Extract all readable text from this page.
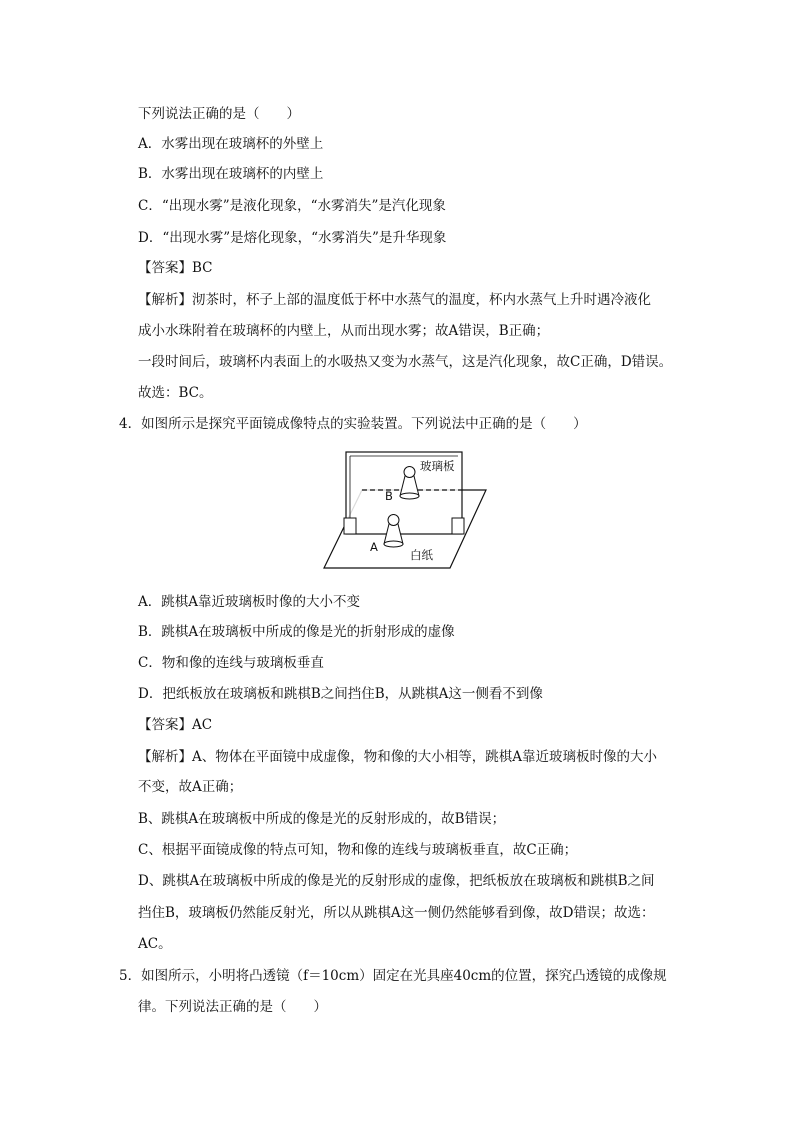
下列说法正确的是（　　）
A．水雾出现在玻璃杯的外壁上
B．水雾出现在玻璃杯的内壁上
C．“出现水雾”是液化现象，“水雾消失”是汽化现象
D．“出现水雾”是熔化现象，“水雾消失”是升华现象
【答案】BC
【解析】沏茶时，杯子上部的温度低于杯中水蒸气的温度，杯内水蒸气上升时遇冷液化
成小水珠附着在玻璃杯的内壁上，从而出现水雾；故A错误，B正确；
一段时间后，玻璃杯内表面上的水吸热又变为水蒸气，这是汽化现象，故C正确，D错误。
故选：BC。
4．如图所示是探究平面镜成像特点的实验装置。下列说法中正确的是（　　）
玻璃板
B
A
白纸
A．跳棋A靠近玻璃板时像的大小不变
B．跳棋A在玻璃板中所成的像是光的折射形成的虚像
C．物和像的连线与玻璃板垂直
D．把纸板放在玻璃板和跳棋B之间挡住B，从跳棋A这一侧看不到像
【答案】AC
【解析】A、物体在平面镜中成虚像，物和像的大小相等，跳棋A靠近玻璃板时像的大小
不变，故A正确；
B、跳棋A在玻璃板中所成的像是光的反射形成的，故B错误；
C、根据平面镜成像的特点可知，物和像的连线与玻璃板垂直，故C正确；
D、跳棋A在玻璃板中所成的像是光的反射形成的虚像，把纸板放在玻璃板和跳棋B之间
挡住B，玻璃板仍然能反射光，所以从跳棋A这一侧仍然能够看到像，故D错误；故选：
AC。
5．如图所示，小明将凸透镜（f＝10cm）固定在光具座40cm的位置，探究凸透镜的成像规
律。下列说法正确的是（　　）
